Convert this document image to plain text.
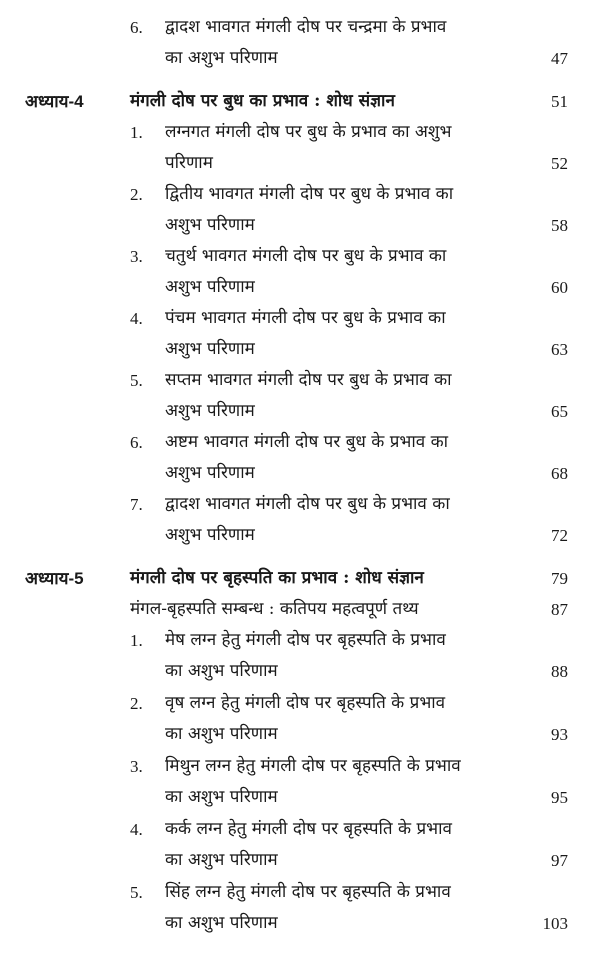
6. द्वादश भावगत मंगली दोष पर चन्द्रमा के प्रभाव
का अशुभ परिणाम	47
अध्याय-4	मंगली दोष पर बुध का प्रभाव : शोध संज्ञान	51
1. लग्नगत मंगली दोष पर बुध के प्रभाव का अशुभ
परिणाम	52
2. द्वितीय भावगत मंगली दोष पर बुध के प्रभाव का
अशुभ परिणाम	58
3. चतुर्थ भावगत मंगली दोष पर बुध के प्रभाव का
अशुभ परिणाम	60
4. पंचम भावगत मंगली दोष पर बुध के प्रभाव का
अशुभ परिणाम	63
5. सप्तम भावगत मंगली दोष पर बुध के प्रभाव का
अशुभ परिणाम	65
6. अष्टम भावगत मंगली दोष पर बुध के प्रभाव का
अशुभ परिणाम	68
7. द्वादश भावगत मंगली दोष पर बुध के प्रभाव का
अशुभ परिणाम	72
अध्याय-5	मंगली दोष पर बृहस्पति का प्रभाव : शोध संज्ञान	79
मंगल-बृहस्पति सम्बन्ध : कतिपय महत्वपूर्ण तथ्य	87
1. मेष लग्न हेतु मंगली दोष पर बृहस्पति के प्रभाव
का अशुभ परिणाम	88
2. वृष लग्न हेतु मंगली दोष पर बृहस्पति के प्रभाव
का अशुभ परिणाम	93
3. मिथुन लग्न हेतु मंगली दोष पर बृहस्पति के प्रभाव
का अशुभ परिणाम	95
4. कर्क लग्न हेतु मंगली दोष पर बृहस्पति के प्रभाव
का अशुभ परिणाम	97
5. सिंह लग्न हेतु मंगली दोष पर बृहस्पति के प्रभाव
का अशुभ परिणाम	103
